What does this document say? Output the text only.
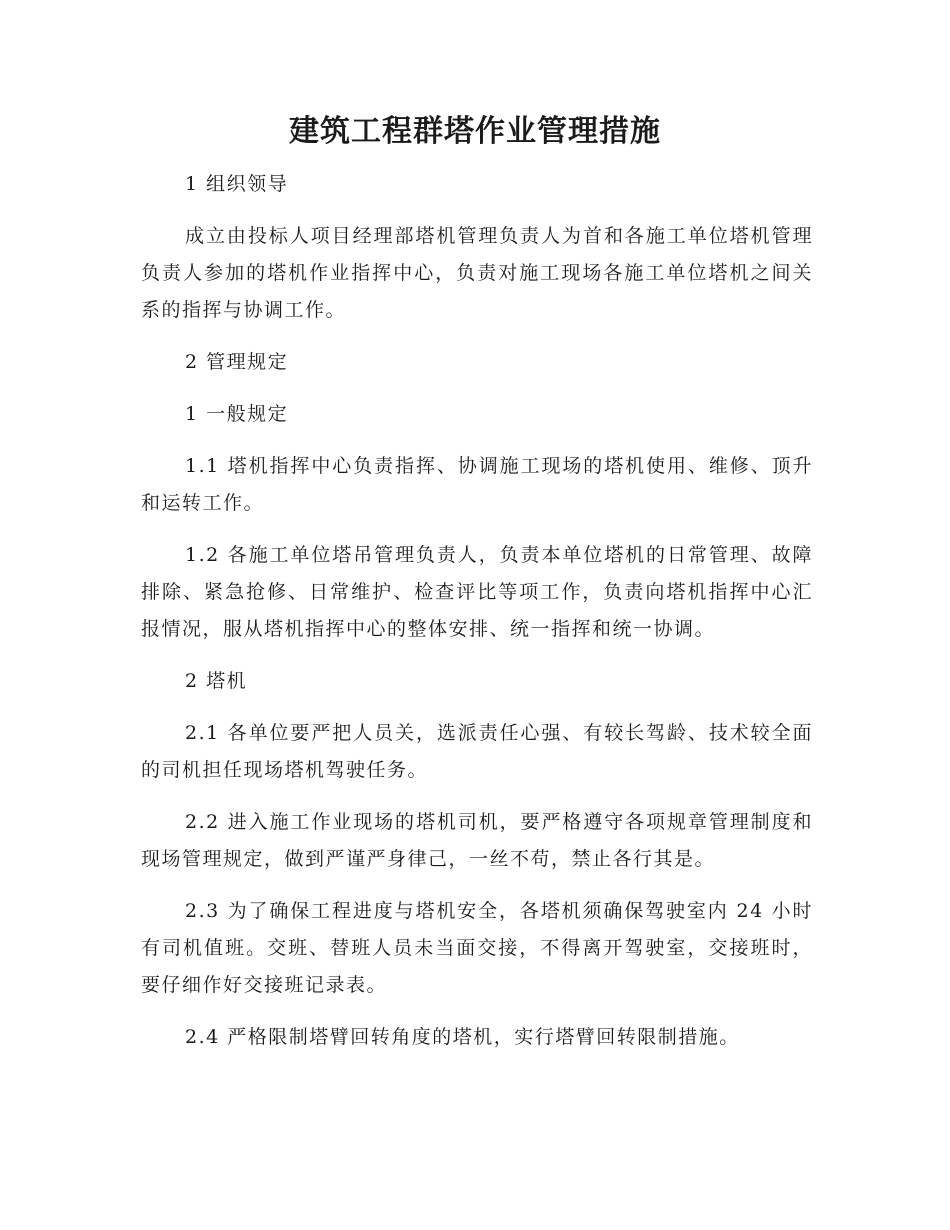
建筑工程群塔作业管理措施

1 组织领导

成立由投标人项目经理部塔机管理负责人为首和各施工单位塔机管理负责人参加的塔机作业指挥中心，负责对施工现场各施工单位塔机之间关系的指挥与协调工作。

2 管理规定

1 一般规定

1.1 塔机指挥中心负责指挥、协调施工现场的塔机使用、维修、顶升和运转工作。

1.2 各施工单位塔吊管理负责人，负责本单位塔机的日常管理、故障排除、紧急抢修、日常维护、检查评比等项工作，负责向塔机指挥中心汇报情况，服从塔机指挥中心的整体安排、统一指挥和统一协调。

2 塔机

2.1 各单位要严把人员关，选派责任心强、有较长驾龄、技术较全面的司机担任现场塔机驾驶任务。

2.2 进入施工作业现场的塔机司机，要严格遵守各项规章管理制度和现场管理规定，做到严谨严身律己，一丝不苟，禁止各行其是。

2.3 为了确保工程进度与塔机安全，各塔机须确保驾驶室内 24 小时有司机值班。交班、替班人员未当面交接，不得离开驾驶室，交接班时，要仔细作好交接班记录表。

2.4 严格限制塔臂回转角度的塔机，实行塔臂回转限制措施。
